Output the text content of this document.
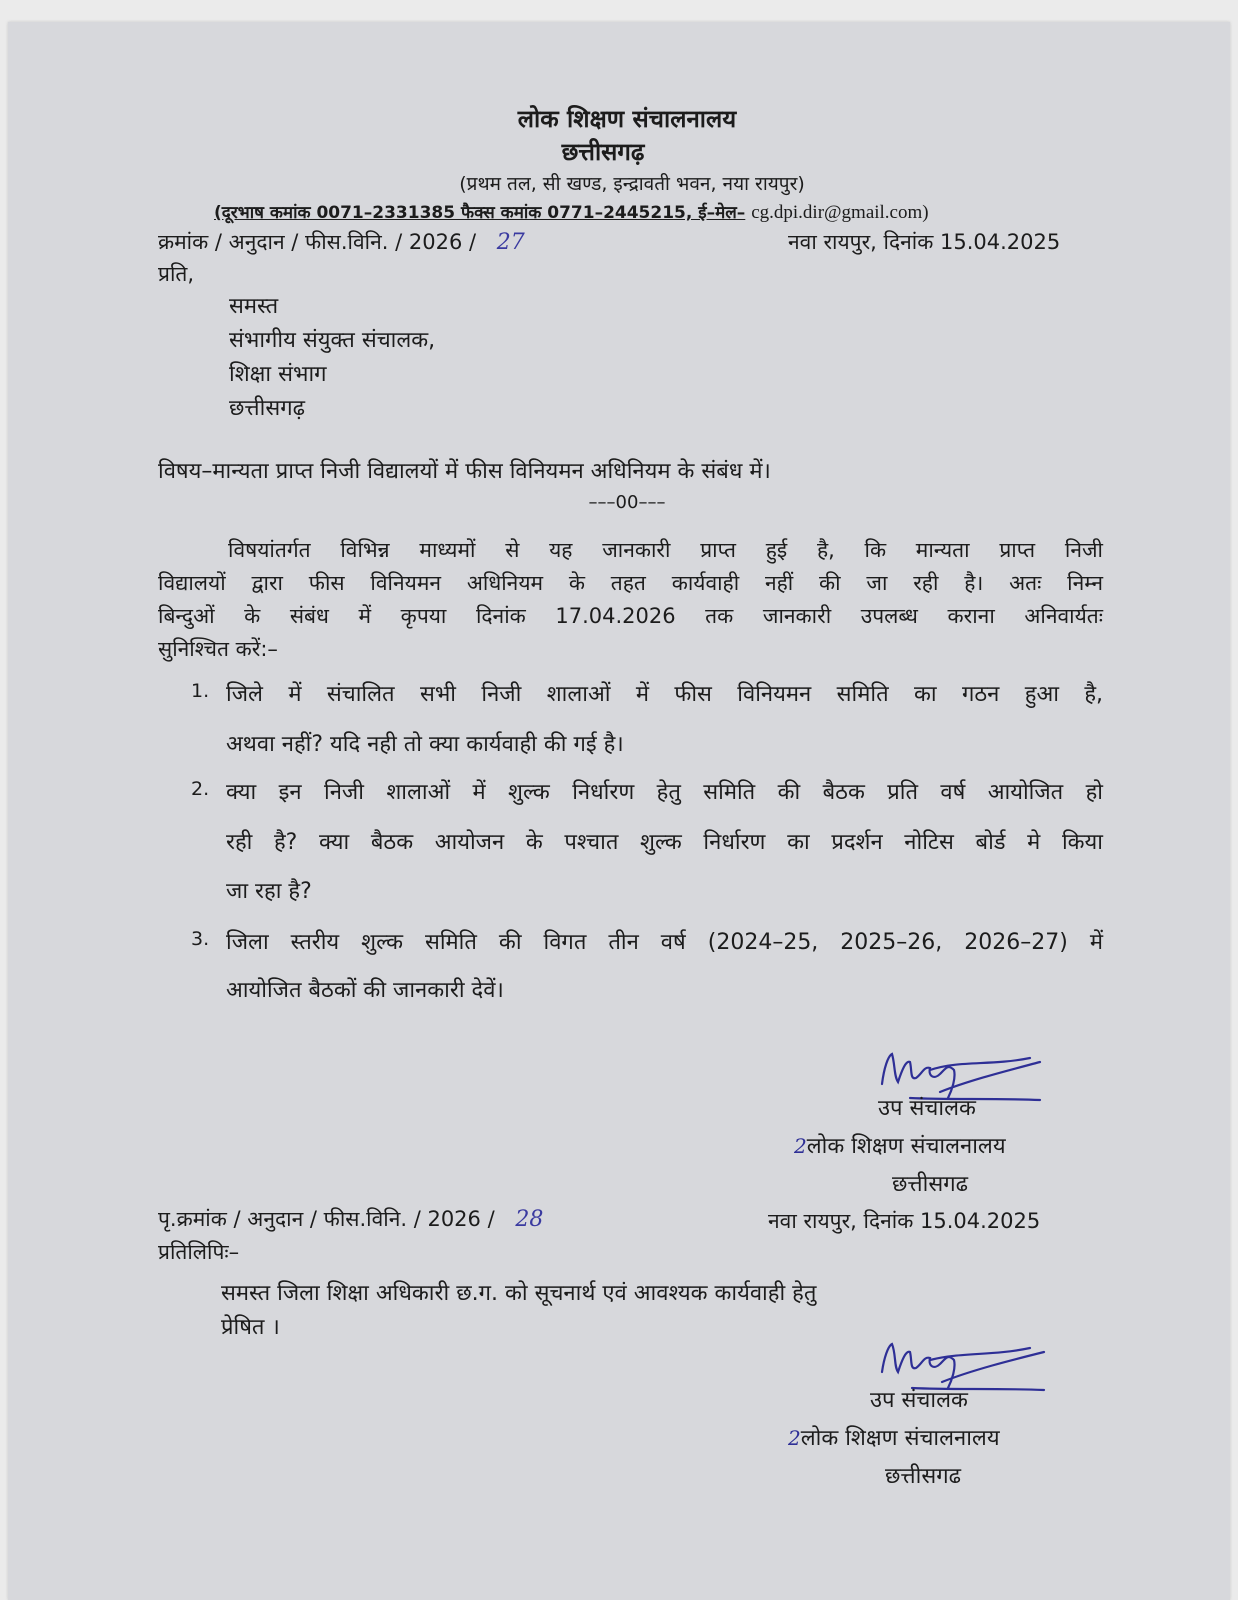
लोक शिक्षण संचालनालय
छत्तीसगढ़
(प्रथम तल, सी खण्ड, इन्द्रावती भवन, नया रायपुर)
(दूरभाष कमांक 0071–2331385 फैक्स कमांक 0771–2445215, ई–मेल– cg.dpi.dir@gmail.com)
क्रमांक / अनुदान / फीस.विनि. / 2026 / 27	नवा रायपुर, दिनांक 15.04.2025
प्रति,
समस्त
संभागीय संयुक्त संचालक,
शिक्षा संभाग
छत्तीसगढ़
विषय–मान्यता प्राप्त निजी विद्यालयों में फीस विनियमन अधिनियम के संबंध में।
–––00–––
विषयांतर्गत विभिन्न माध्यमों से यह जानकारी प्राप्त हुई है, कि मान्यता प्राप्त निजी
विद्यालयों द्वारा फीस विनियमन अधिनियम के तहत कार्यवाही नहीं की जा रही है। अतः निम्न
बिन्दुओं के संबंध में कृपया दिनांक 17.04.2026 तक जानकारी उपलब्ध कराना अनिवार्यतः
सुनिश्चित करें:–
1. जिले में संचालित सभी निजी शालाओं में फीस विनियमन समिति का गठन हुआ है,
अथवा नहीं? यदि नही तो क्या कार्यवाही की गई है।
2. क्या इन निजी शालाओं में शुल्क निर्धारण हेतु समिति की बैठक प्रति वर्ष आयोजित हो
रही है? क्या बैठक आयोजन के पश्चात शुल्क निर्धारण का प्रदर्शन नोटिस बोर्ड मे किया
जा रहा है?
3. जिला स्तरीय शुल्क समिति की विगत तीन वर्ष (2024–25, 2025–26, 2026–27) में
आयोजित बैठकों की जानकारी देवें।
उप संचालक
2लोक शिक्षण संचालनालय
छत्तीसगढ
पृ.क्रमांक / अनुदान / फीस.विनि. / 2026 / 28	नवा रायपुर, दिनांक 15.04.2025
प्रतिलिपिः–
समस्त जिला शिक्षा अधिकारी छ.ग. को सूचनार्थ एवं आवश्यक कार्यवाही हेतु
प्रेषित ।
उप संचालक
2लोक शिक्षण संचालनालय
छत्तीसगढ
